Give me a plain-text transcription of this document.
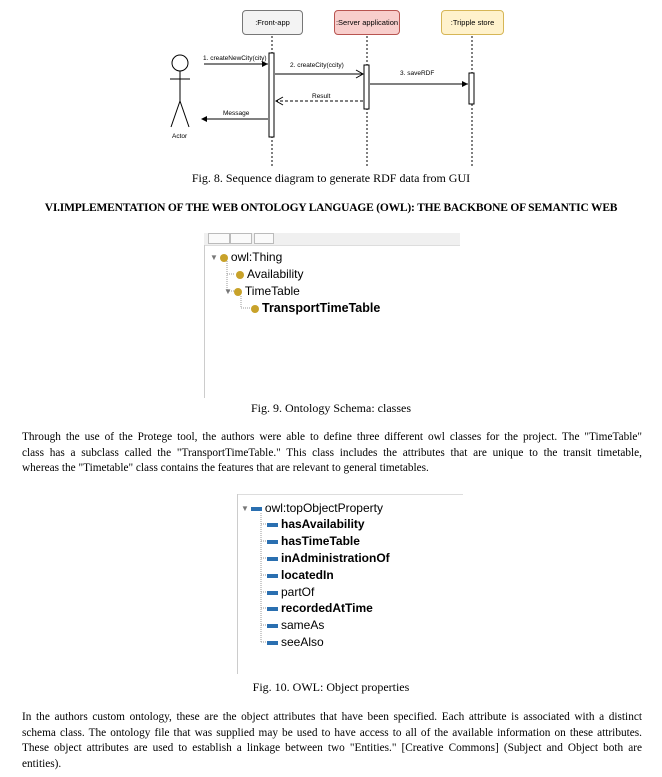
:Front-app	:Server application	:Tripple store
1. createNewCity(city)
2. createCity(ccity)
3. saveRDF
Result
Message
Actor
Fig. 8. Sequence diagram to generate RDF data from GUI
VI.IMPLEMENTATION OF THE WEB ONTOLOGY LANGUAGE (OWL): THE BACKBONE OF SEMANTIC WEB
▼ owl:Thing
Availability
▼ TimeTable
TransportTimeTable
Fig. 9. Ontology Schema: classes
Through the use of the Protege tool, the authors were able to define three different owl classes for the project. The "TimeTable"
class has a subclass called the "TransportTimeTable." This class includes the attributes that are unique to the transit timetable,
whereas the "Timetable" class contains the features that are relevant to general timetables.
▼ owl:topObjectProperty
hasAvailability
hasTimeTable
inAdministrationOf
locatedIn
partOf
recordedAtTime
sameAs
seeAlso
Fig. 10. OWL: Object properties
In the authors custom ontology, these are the object attributes that have been specified. Each attribute is associated with a distinct
schema class. The ontology file that was supplied may be used to have access to all of the available information on these attributes.
These object attributes are used to establish a linkage between two "Entities." [Creative Commons] (Subject and Object both are
entities).
